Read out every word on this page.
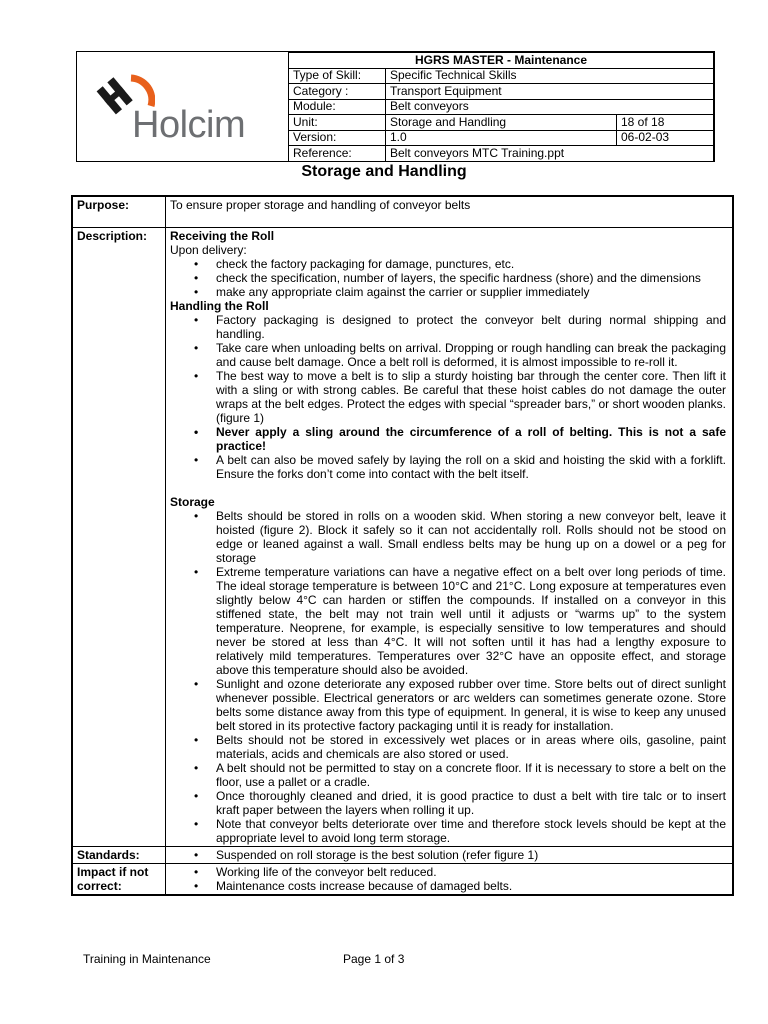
Holcim
HGRS MASTER - Maintenance		
Type of Skill:	Specific Technical Skills	
Category :	Transport Equipment	
Module:	Belt conveyors	
Unit:	Storage and Handling	18 of 18
Version:	1.0	06-02-03
Reference:	Belt conveyors MTC Training.ppt	
Storage and Handling
Purpose:	To ensure proper storage and handling of conveyor belts
Description:	Receiving the Roll
Upon delivery:
• check the factory packaging for damage, punctures, etc.
• check the specification, number of layers, the specific hardness (shore) and the dimensions
• make any appropriate claim against the carrier or supplier immediately
Handling the Roll
• Factory packaging is designed to protect the conveyor belt during normal shipping and handling.
• Take care when unloading belts on arrival. Dropping or rough handling can break the packaging and cause belt damage. Once a belt roll is deformed, it is almost impossible to re-roll it.
• The best way to move a belt is to slip a sturdy hoisting bar through the center core. Then lift it with a sling or with strong cables. Be careful that these hoist cables do not damage the outer wraps at the belt edges. Protect the edges with special “spreader bars,” or short wooden planks. (figure 1)
• Never apply a sling around the circumference of a roll of belting. This is not a safe practice!
• A belt can also be moved safely by laying the roll on a skid and hoisting the skid with a forklift. Ensure the forks don’t come into contact with the belt itself.
Storage
• Belts should be stored in rolls on a wooden skid. When storing a new conveyor belt, leave it hoisted (figure 2). Block it safely so it can not accidentally roll. Rolls should not be stood on edge or leaned against a wall. Small endless belts may be hung up on a dowel or a peg for storage
• Extreme temperature variations can have a negative effect on a belt over long periods of time. The ideal storage temperature is between 10°C and 21°C. Long exposure at temperatures even slightly below 4°C can harden or stiffen the compounds. If installed on a conveyor in this stiffened state, the belt may not train well until it adjusts or “warms up” to the system temperature. Neoprene, for example, is especially sensitive to low temperatures and should never be stored at less than 4°C. It will not soften until it has had a lengthy exposure to relatively mild temperatures. Temperatures over 32°C have an opposite effect, and storage above this temperature should also be avoided.
• Sunlight and ozone deteriorate any exposed rubber over time. Store belts out of direct sunlight whenever possible. Electrical generators or arc welders can sometimes generate ozone. Store belts some distance away from this type of equipment. In general, it is wise to keep any unused belt stored in its protective factory packaging until it is ready for installation.
• Belts should not be stored in excessively wet places or in areas where oils, gasoline, paint materials, acids and chemicals are also stored or used.
• A belt should not be permitted to stay on a concrete floor. If it is necessary to store a belt on the floor, use a pallet or a cradle.
• Once thoroughly cleaned and dried, it is good practice to dust a belt with tire talc or to insert kraft paper between the layers when rolling it up.
• Note that conveyor belts deteriorate over time and therefore stock levels should be kept at the appropriate level to avoid long term storage.
Standards:	• Suspended on roll storage is the best solution (refer figure 1)
Impact if not correct:
• Working life of the conveyor belt reduced.
• Maintenance costs increase because of damaged belts.
Training in Maintenance	Page 1 of 3
